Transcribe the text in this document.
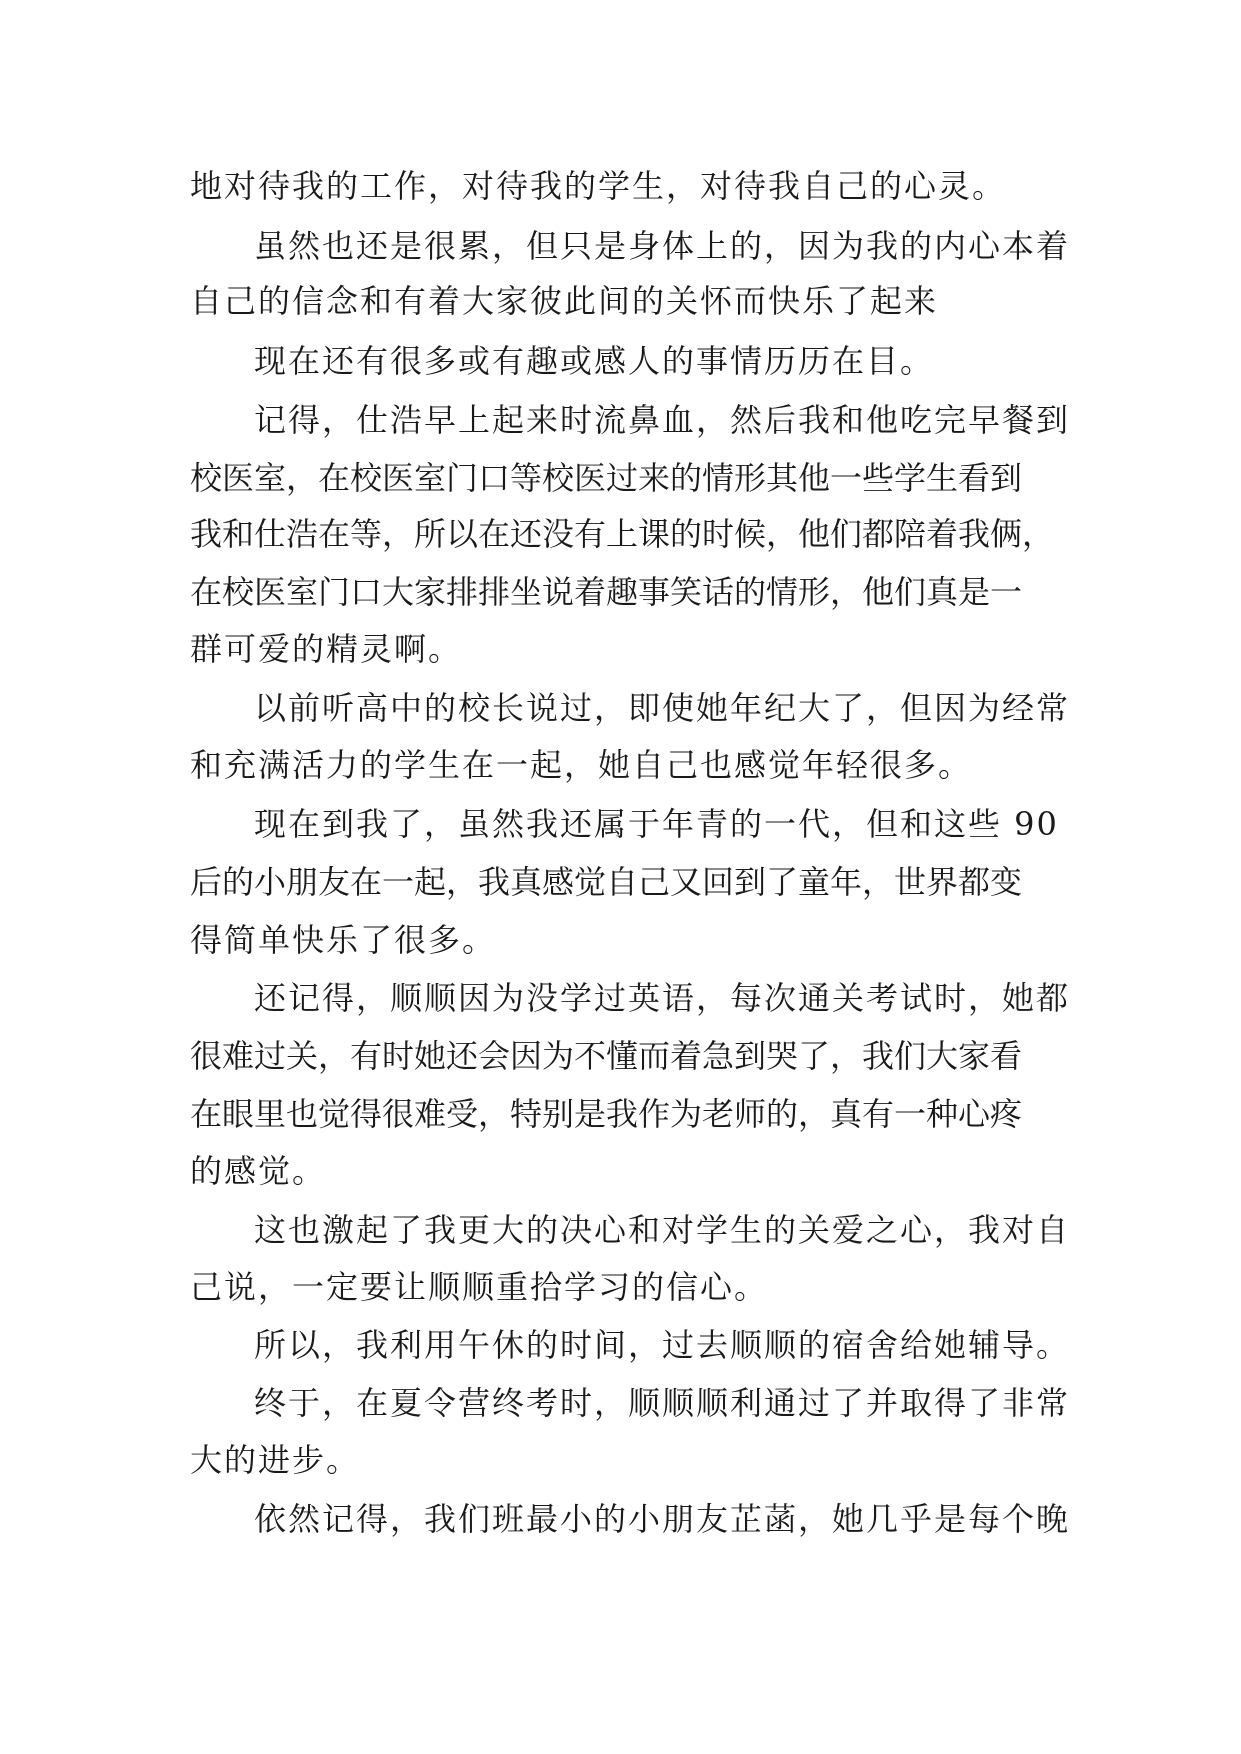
地对待我的工作，对待我的学生，对待我自己的心灵。
虽然也还是很累，但只是身体上的，因为我的内心本着
自己的信念和有着大家彼此间的关怀而快乐了起来
现在还有很多或有趣或感人的事情历历在目。
记得，仕浩早上起来时流鼻血，然后我和他吃完早餐到
校医室，在校医室门口等校医过来的情形其他一些学生看到
我和仕浩在等，所以在还没有上课的时候，他们都陪着我俩，
在校医室门口大家排排坐说着趣事笑话的情形，他们真是一
群可爱的精灵啊。
以前听高中的校长说过，即使她年纪大了，但因为经常
和充满活力的学生在一起，她自己也感觉年轻很多。
现在到我了，虽然我还属于年青的一代，但和这些 90
后的小朋友在一起，我真感觉自己又回到了童年，世界都变
得简单快乐了很多。
还记得，顺顺因为没学过英语，每次通关考试时，她都
很难过关，有时她还会因为不懂而着急到哭了，我们大家看
在眼里也觉得很难受，特别是我作为老师的，真有一种心疼
的感觉。
这也激起了我更大的决心和对学生的关爱之心，我对自
己说，一定要让顺顺重拾学习的信心。
所以，我利用午休的时间，过去顺顺的宿舍给她辅导。
终于，在夏令营终考时，顺顺顺利通过了并取得了非常
大的进步。
依然记得，我们班最小的小朋友芷菡，她几乎是每个晚
